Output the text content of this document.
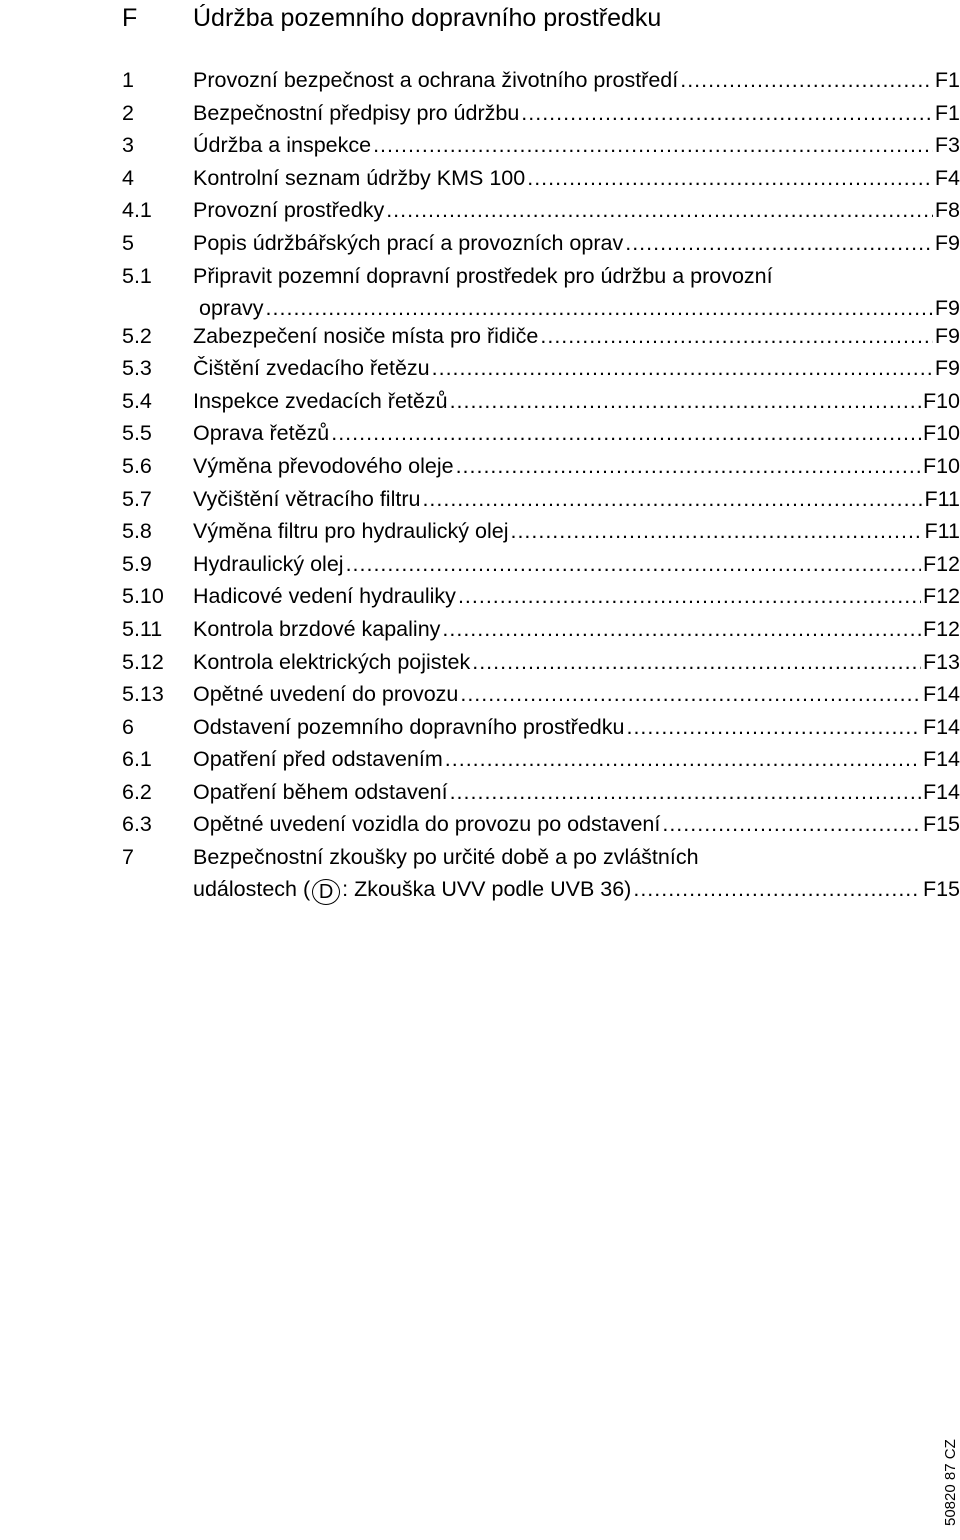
F Údržba pozemního dopravního prostředku
1	Provozní bezpečnost a ochrana životního prostředí .....	F1
2	Bezpečnostní předpisy pro údržbu .....	F1
3	Údržba a inspekce .....	F3
4	Kontrolní seznam údržby KMS 100 .....	F4
4.1 Provozní prostředky .....	F8
5	Popis údržbářských prací a provozních oprav .....	F9
5.1 Připravit pozemní dopravní prostředek pro údržbu a provozní
opravy .....	F9
5.2 Zabezpečení nosiče místa pro řidiče .....	F9
5.3 Čištění zvedacího řetězu .....	F9
5.4 Inspekce zvedacích řetězů .....	F10
5.5 Oprava řetězů .....	F10
5.6 Výměna převodového oleje .....	F10
5.7 Vyčištění větracího filtru .....	F11
5.8 Výměna filtru pro hydraulický olej .....	F11
5.9 Hydraulický olej .....	F12
5.10 Hadicové vedení hydrauliky .....	F12
5.11 Kontrola brzdové kapaliny .....	F12
5.12 Kontrola elektrických pojistek .....	F13
5.13 Opětné uvedení do provozu .....	F14
6	Odstavení pozemního dopravního prostředku .....	F14
6.1 Opatření před odstavením .....	F14
6.2 Opatření během odstavení .....	F14
6.3 Opětné uvedení vozidla do provozu po odstavení .....	F15
7	Bezpečnostní zkoušky po určité době a po zvláštních
událostech ( D : Zkouška UVV podle UVB 36) .....	F15
50820 87 CZ
